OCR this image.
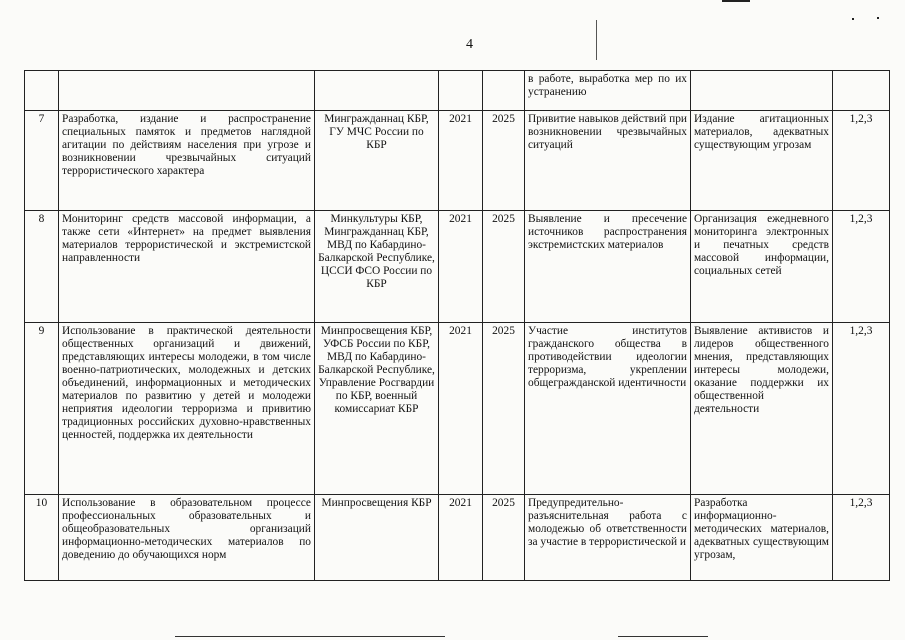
4
					в работе, выработка мер по их устранению		
7	Разработка, издание и распространение специальных памяток и предметов наглядной агитации по действиям населения при угрозе и возникновении чрезвычайных ситуаций террористического характера	Мингражданнац КБР, ГУ МЧС России по КБР	2021	2025	Привитие навыков действий при возникновении чрезвычайных ситуаций	Издание агитационных материалов, адекватных существующим угрозам	1,2,3
8	Мониторинг средств массовой информации, а также сети «Интернет» на предмет выявления материалов террористической и экстремистской направленности	Минкультуры КБР, Мингражданнац КБР, МВД по Кабардино-Балкарской Республике, ЦССИ ФСО России по КБР	2021	2025	Выявление и пресечение источников распространения экстремистских материалов	Организация ежедневного мониторинга электронных и печатных средств массовой информации, социальных сетей	1,2,3
9	Использование в практической деятельности общественных организаций и движений, представляющих интересы молодежи, в том числе военно-патриотических, молодежных и детских объединений, информационных и методических материалов по развитию у детей и молодежи неприятия идеологии терроризма и привитию традиционных российских духовно-нравственных ценностей, поддержка их деятельности	Минпросвещения КБР, УФСБ России по КБР, МВД по Кабардино-Балкарской Республике, Управление Росгвардии по КБР, военный комиссариат КБР	2021	2025	Участие институтов гражданского общества в противодействии идеологии терроризма, укреплении общегражданской идентичности	Выявление активистов и лидеров общественного мнения, представляющих интересы молодежи, оказание поддержки их общественной деятельности	1,2,3
10	Использование в образовательном процессе профессиональных образовательных и общеобразовательных организаций информационно-методических материалов по доведению до обучающихся норм	Минпросвещения КБР	2021	2025	Предупредительно-разъяснительная работа с молодежью об ответственности за участие в террористической и	Разработка информационно-методических материалов, адекватных существующим угрозам,	1,2,3
